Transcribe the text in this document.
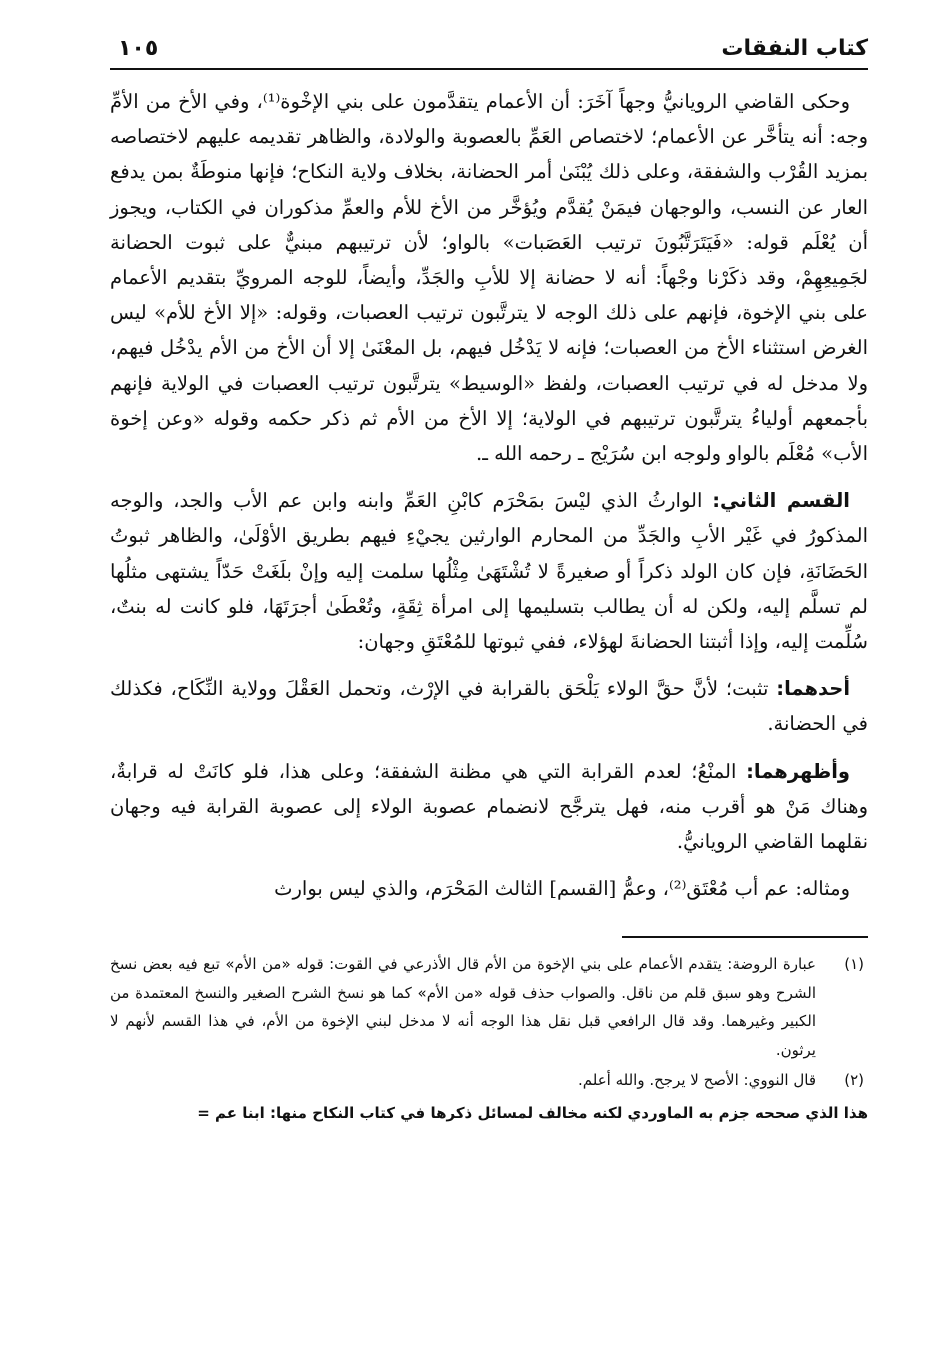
كتاب النفقات
١٠٥

وحكى القاضي الرويانيُّ وجهاً آخَرَ: أن الأعمام يتقدَّمون على بني الإخْوة⁽¹⁾، وفي الأخ من الأمِّ وجه: أنه يتأخَّر عن الأعمام؛ لاختصاص العَمِّ بالعصوبة والولادة، والظاهر تقديمه عليهم لاختصاصه بمزيد القُرْب والشفقة، وعلى ذلك يُبْنَىٰ أمر الحضانة، بخلاف ولاية النكاح؛ فإنها منوطَةٌ بمن يدفع العار عن النسب، والوجهان فيمَنْ يُقدَّم ويُؤخَّر من الأخ للأم والعمِّ مذكوران في الكتاب، ويجوز أن يُعْلَم قوله: «فَيَتَرَتَّبُونَ ترتيب العَصَبات» بالواو؛ لأن ترتيبهم مبنيٌّ على ثبوت الحضانة لجَمِيعِهِمْ، وقد ذكَرْنا وجْهاً: أنه لا حضانة إلا للأبِ والجَدِّ، وأيضاً، للوجه المرويِّ بتقديم الأعمام على بني الإخوة، فإنهم على ذلك الوجه لا يترتَّبون ترتيب العصبات، وقوله: «إلا الأخ للأم» ليس الغرض استثناء الأخ من العصبات؛ فإنه لا يَدْخُل فيهم، بل المعْنَىٰ إلا أن الأخ من الأم يدْخُل فيهم، ولا مدخل له في ترتيب العصبات، ولفظ «الوسيط» يترتَّبون ترتيب العصبات في الولاية فإنهم بأجمعهم أولياءُ يترتَّبون ترتيبهم في الولاية؛ إلا الأخ من الأم ثم ذكر حكمه وقوله «وعن إخوة الأب» مُعْلَم بالواو ولوجه ابن سُرَيْج ـ رحمه الله ـ.

القسم الثاني: الوارثُ الذي ليْسَ بمَحْرَم كابْنِ العَمِّ وابنه وابن عم الأب والجد، والوجه المذكورُ في غَيْر الأبِ والجَدِّ من المحارم الوارثين يجيْءِ فيهم بطريق الأوْلَىٰ، والظاهر ثبوتُ الحَضَانَةِ، فإن كان الولد ذكراً أو صغيرةً لا تُشْتَهَىٰ مِثْلُها سلمت إليه وإنْ بلَغَتْ حَدّاً يشتهى مثلُها لم تسلَّم إليه، ولكن له أن يطالب بتسليمها إلى امرأة ثِقَةٍ، وتُعْطَىٰ أجرَتَهَا، فلو كانت له بنتٌ، سُلِّمت إليه، وإذا أثبتنا الحضانةَ لهؤلاء، ففي ثبوتها للمُعْتَقِ وجهان:

أحدهما: تثبت؛ لأنَّ حقَّ الولاء يَلْحَق بالقرابة في الإرْث، وتحمل العَقْلَ وولاية النِّكَاح، فكذلك في الحضانة.

وأظهرهما: المنْعُ؛ لعدم القرابة التي هي مظنة الشفقة؛ وعلى هذا، فلو كانَتْ له قرابةٌ، وهناك مَنْ هو أقرب منه، فهل يترجَّح لانضمام عصوبة الولاء إلى عصوبة القرابة فيه وجهان نقلهما القاضي الرويانيُّ.

ومثاله: عم أب مُعْتَق⁽²⁾، وعمُّ [القسم] الثالث المَحْرَم، والذي ليس بوارث

(١)
عبارة الروضة: يتقدم الأعمام على بني الإخوة من الأم قال الأذرعي في القوت: قوله «من الأم» تبع فيه بعض نسخ الشرح وهو سبق قلم من ناقل. والصواب حذف قوله «من الأم» كما هو نسخ الشرح الصغير والنسخ المعتمدة من الكبير وغيرهما. وقد قال الرافعي قبل نقل هذا الوجه أنه لا مدخل لبني الإخوة من الأم، في هذا القسم لأنهم لا يرثون.
(٢)
قال النووي: الأصح لا يرجح. والله أعلم.
هذا الذي صححه جزم به الماوردي لكنه مخالف لمسائل ذكرها في كتاب النكاح منها: ابنا عم =
